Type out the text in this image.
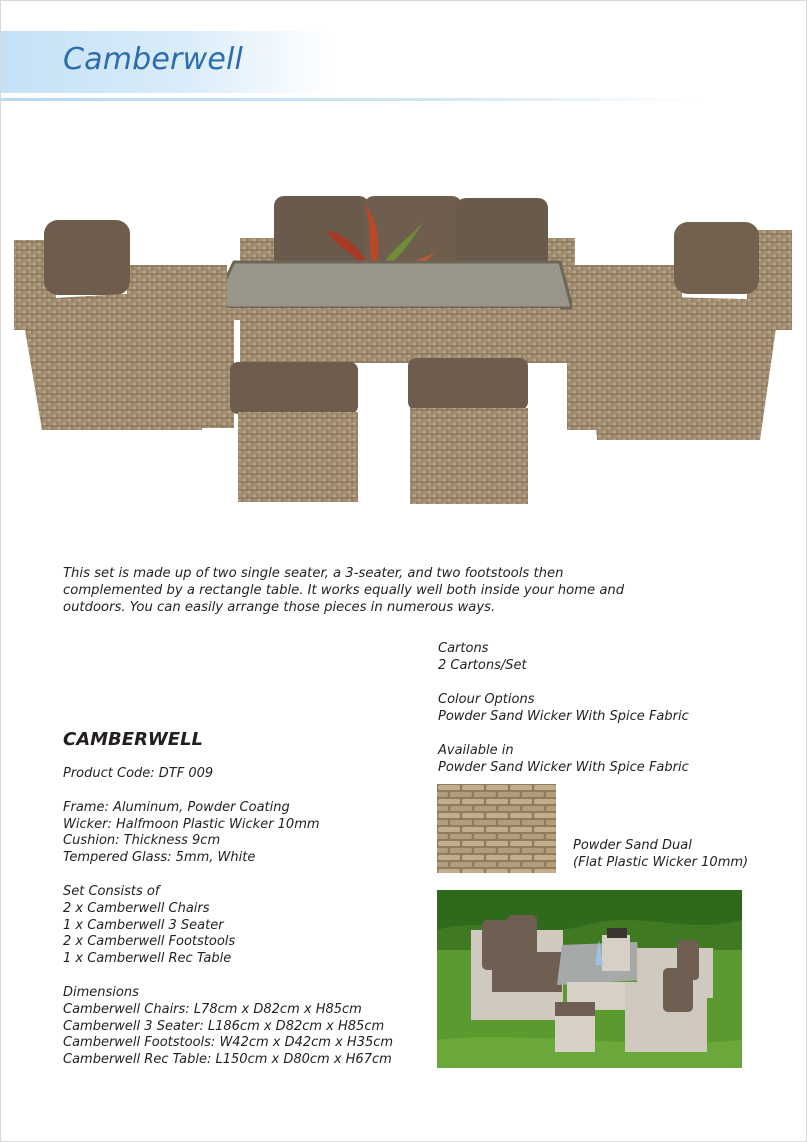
Camberwell

This set is made up of two single seater, a 3-seater, and two footstools then complemented by a rectangle table. It works equally well both inside your home and outdoors. You can easily arrange those pieces in numerous ways.

Cartons
2 Cartons/Set
Colour Options
Powder Sand Wicker With Spice Fabric
Available in
Powder Sand Wicker With Spice Fabric
Powder Sand Dual
(Flat Plastic Wicker 10mm)
CAMBERWELL
Product Code: DTF 009
Frame: Aluminum, Powder Coating
Wicker: Halfmoon Plastic Wicker 10mm
Cushion: Thickness 9cm
Tempered Glass: 5mm, White
Set Consists of
2 x Camberwell Chairs
1 x Camberwell 3 Seater
2 x Camberwell Footstools
1 x Camberwell Rec Table
Dimensions
Camberwell Chairs: L78cm x D82cm x H85cm
Camberwell 3 Seater: L186cm x D82cm x H85cm
Camberwell Footstools: W42cm x D42cm x H35cm
Camberwell Rec Table: L150cm x D80cm x H67cm
